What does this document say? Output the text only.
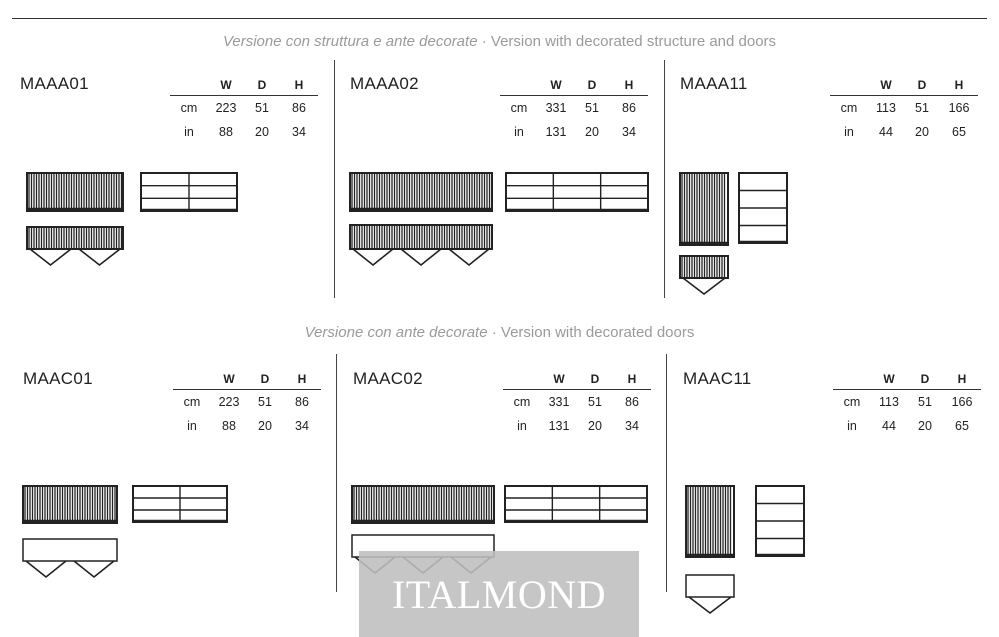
Versione con struttura e ante decorate · Version with decorated structure and doors
MAAA01
		W	D	H
cm	223	51	86
in	88	20	34
MAAA02
		W	D	H
cm	331	51	86
in	131	20	34
MAAA11
		W	D	H
cm	113	51	166
in	44	20	65
Versione con ante decorate · Version with decorated doors
MAAC01
		W	D	H
cm	223	51	86
in	88	20	34
MAAC02
		W	D	H
cm	331	51	86
in	131	20	34
MAAC11
		W	D	H
cm	113	51	166
in	44	20	65
ITALMOND
